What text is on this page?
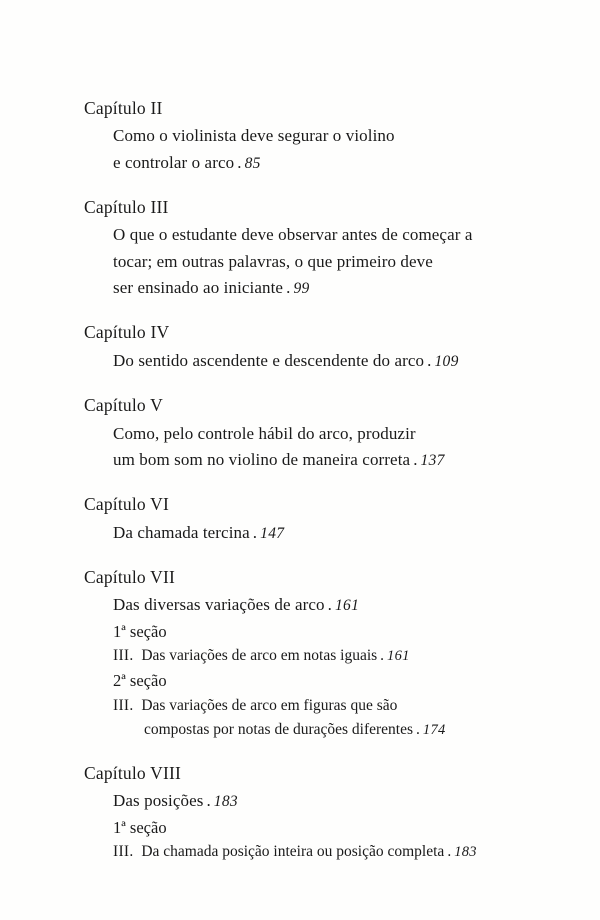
Capítulo II
Como o violinista deve segurar o violino
e controlar o arco . 85
Capítulo III
O que o estudante deve observar antes de começar a
tocar; em outras palavras, o que primeiro deve
ser ensinado ao iniciante . 99
Capítulo IV
Do sentido ascendente e descendente do arco . 109
Capítulo V
Como, pelo controle hábil do arco, produzir
um bom som no violino de maneira correta . 137
Capítulo VI
Da chamada tercina . 147
Capítulo VII
Das diversas variações de arco . 161
1ª seção
III. Das variações de arco em notas iguais . 161
2ª seção
III. Das variações de arco em figuras que são
compostas por notas de durações diferentes . 174
Capítulo VIII
Das posições . 183
1ª seção
III. Da chamada posição inteira ou posição completa . 183
